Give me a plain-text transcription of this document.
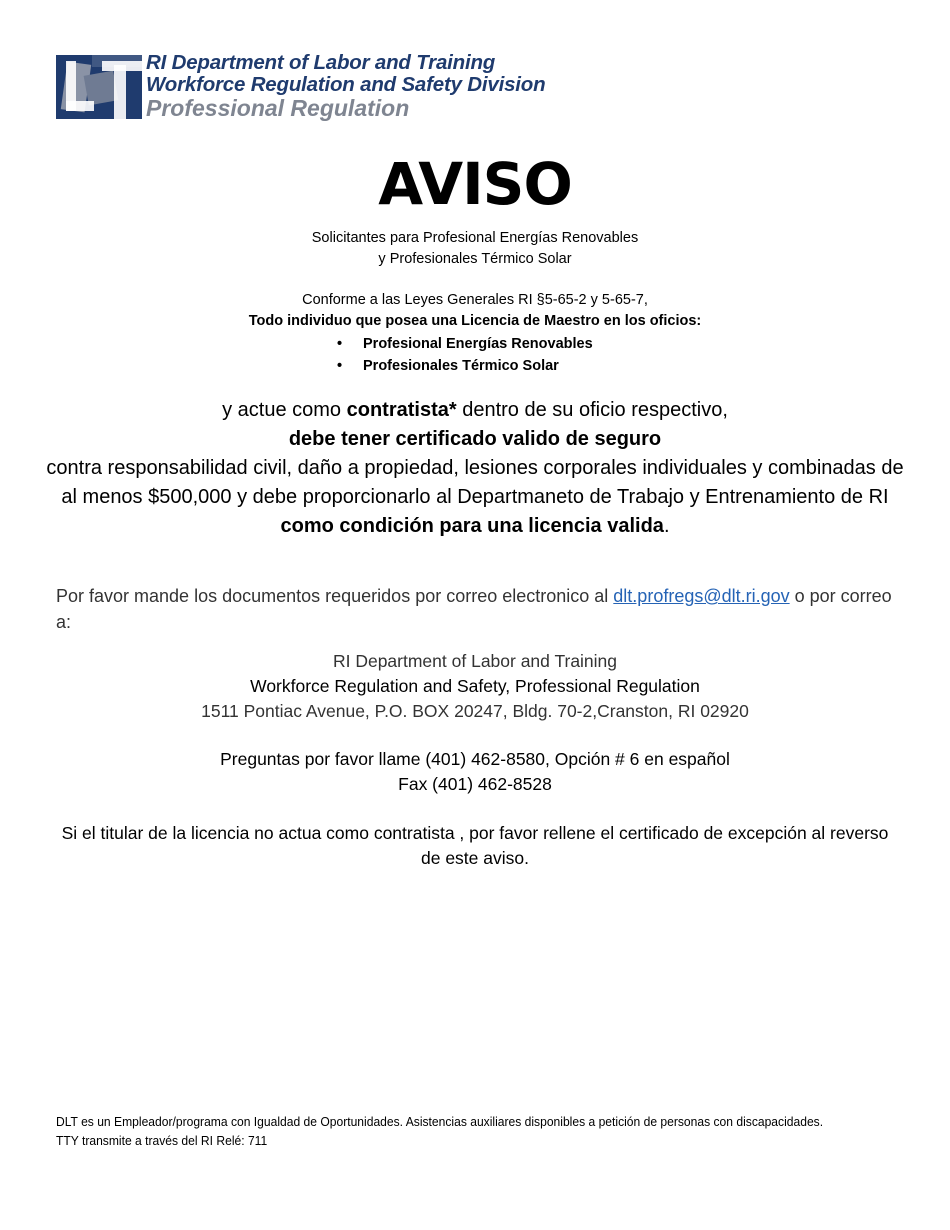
RI Department of Labor and Training
Workforce Regulation and Safety Division
Professional Regulation
AVISO
Solicitantes para Profesional Energías Renovables
y Profesionales Térmico Solar
Conforme a las Leyes Generales RI §5-65-2 y 5-65-7,
Todo individuo que posea una Licencia de Maestro en los oficios:
• Profesional Energías Renovables
• Profesionales Térmico Solar
y actue como contratista* dentro de su oficio respectivo,
debe tener certificado valido de seguro
contra responsabilidad civil, daño a propiedad, lesiones corporales individuales y combinadas de al menos $500,000 y debe proporcionarlo al Departmaneto de Trabajo y Entrenamiento de RI como condición para una licencia valida.
Por favor mande los documentos requeridos por correo electronico al dlt.profregs@dlt.ri.gov o por correo a:
RI Department of Labor and Training
Workforce Regulation and Safety, Professional Regulation
1511 Pontiac Avenue, P.O. BOX 20247, Bldg. 70-2,Cranston, RI 02920
Preguntas por favor llame (401) 462-8580, Opción # 6 en español
Fax (401) 462-8528
Si el titular de la licencia no actua como contratista , por favor rellene el certificado de excepción al reverso de este aviso.
DLT es un Empleador/programa con Igualdad de Oportunidades. Asistencias auxiliares disponibles a petición de personas con discapacidades. TTY transmite a través del RI Relé: 711
